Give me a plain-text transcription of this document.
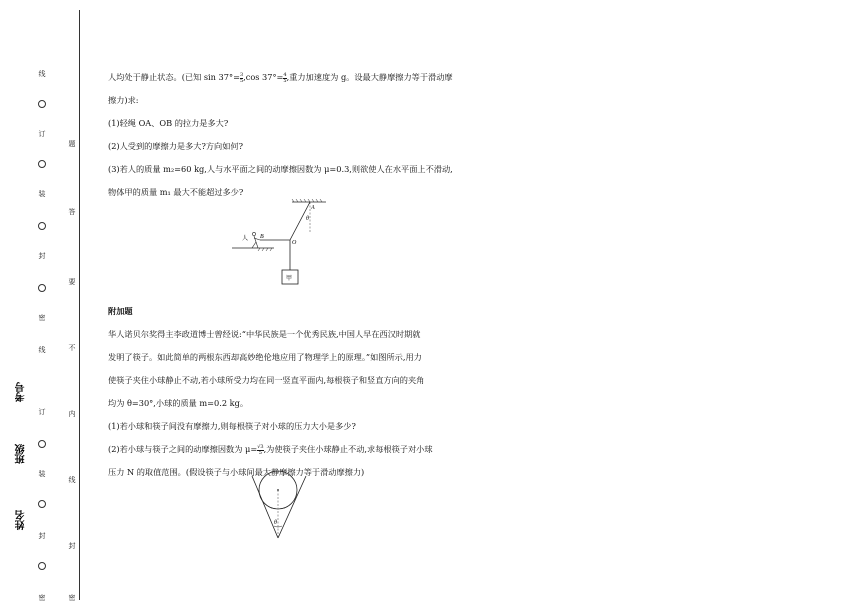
线
订
装
封
密
线
订
装
封
密
题
答
要
不
内
线
封
密
考号
班级
姓名

人均处于静止状态。(已知 $\sin 37^\circ= \frac{3}{5} ,\cos$ $37^\circ= \frac{4}{5}$ ,重力加速度为 g。设最大静摩擦力等于滑动摩

擦力)求:

(1)轻绳 OA、OB 的拉力是多大?

(2)人受到的摩擦力是多大?方向如何?

(3)若人的质量 m₂=60 kg,人与水平面之间的动摩擦因数为 μ=0.3,则欲使人在水平面上不滑动,

物体甲的质量 m₁ 最大不能超过多少?

附加题

华人诺贝尔奖得主李政道博士曾经说:“中华民族是一个优秀民族,中国人早在西汉时期就

发明了筷子。如此简单的两根东西却高妙绝伦地应用了物理学上的原理。”如图所示,用力

使筷子夹住小球静止不动,若小球所受力均在同一竖直平面内,每根筷子和竖直方向的夹角

均为 θ=30°,小球的质量 m=0.2 kg。

(1)若小球和筷子间没有摩擦力,则每根筷子对小球的压力大小是多少?

(2)若小球与筷子之间的动摩擦因数为 $\mu= \frac{√3}{5}$ ,为使筷子夹住小球静止不动,求每根筷子对小球

压力 N 的取值范围。(假设筷子与小球间最大静摩擦力等于滑动摩擦力)

A
B
O
θ
人
甲
θ
